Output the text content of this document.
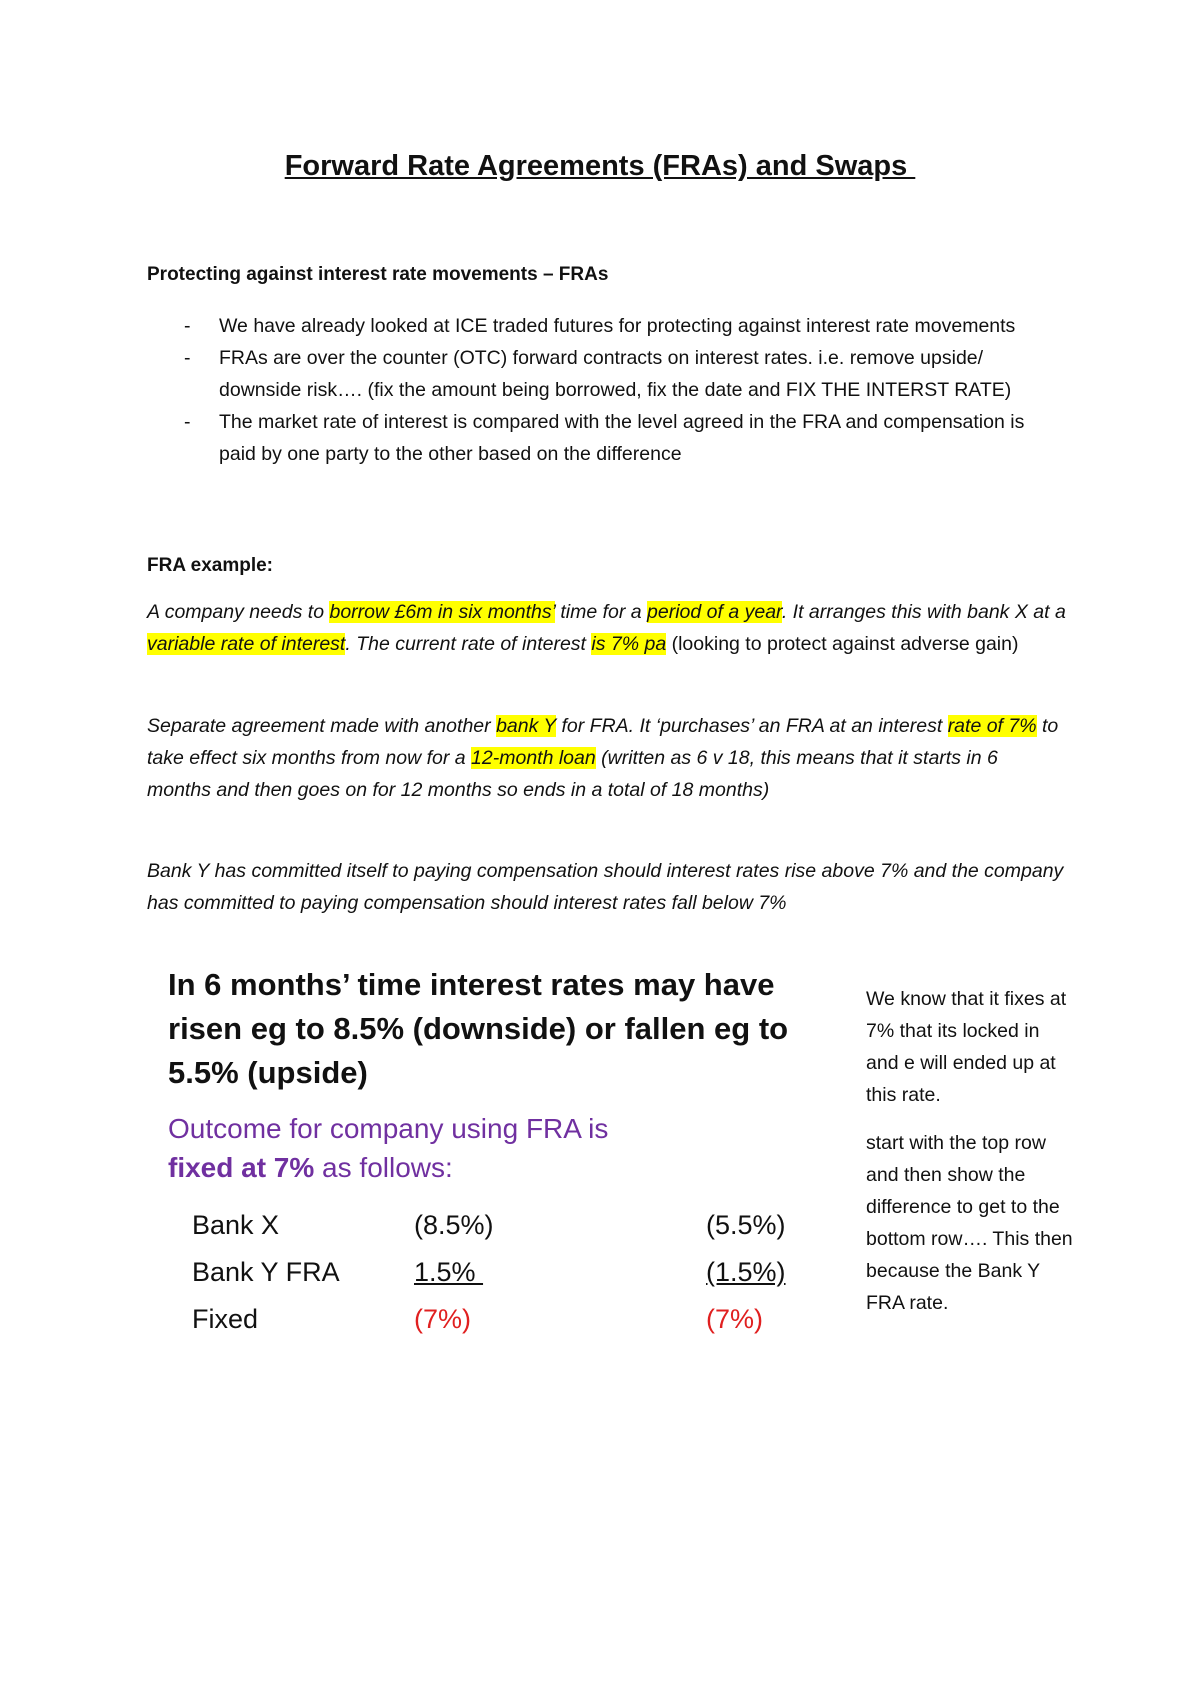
Forward Rate Agreements (FRAs) and Swaps
Protecting against interest rate movements – FRAs
- We have already looked at ICE traded futures for protecting against interest rate movements
- FRAs are over the counter (OTC) forward contracts on interest rates. i.e. remove upside/ downside risk…. (fix the amount being borrowed, fix the date and FIX THE INTERST RATE)
- The market rate of interest is compared with the level agreed in the FRA and compensation is paid by one party to the other based on the difference
FRA example:
A company needs to borrow £6m in six months’ time for a period of a year. It arranges this with bank X at a variable rate of interest. The current rate of interest is 7% pa (looking to protect against adverse gain)
Separate agreement made with another bank Y for FRA. It ‘purchases’ an FRA at an interest rate of 7% to take effect six months from now for a 12-month loan (written as 6 v 18, this means that it starts in 6 months and then goes on for 12 months so ends in a total of 18 months)
Bank Y has committed itself to paying compensation should interest rates rise above 7% and the company has committed to paying compensation should interest rates fall below 7%
In 6 months’ time interest rates may have risen eg to 8.5% (downside) or fallen eg to 5.5% (upside)
Outcome for company using FRA is
fixed at 7% as follows:
Bank X	(8.5%)	(5.5%)
Bank Y FRA	1.5%	(1.5%)
Fixed	(7%)	(7%)

We know that it fixes at 7% that its locked in and e will ended up at this rate.

start with the top row and then show the difference to get to the bottom row…. This then because the Bank Y FRA rate.
